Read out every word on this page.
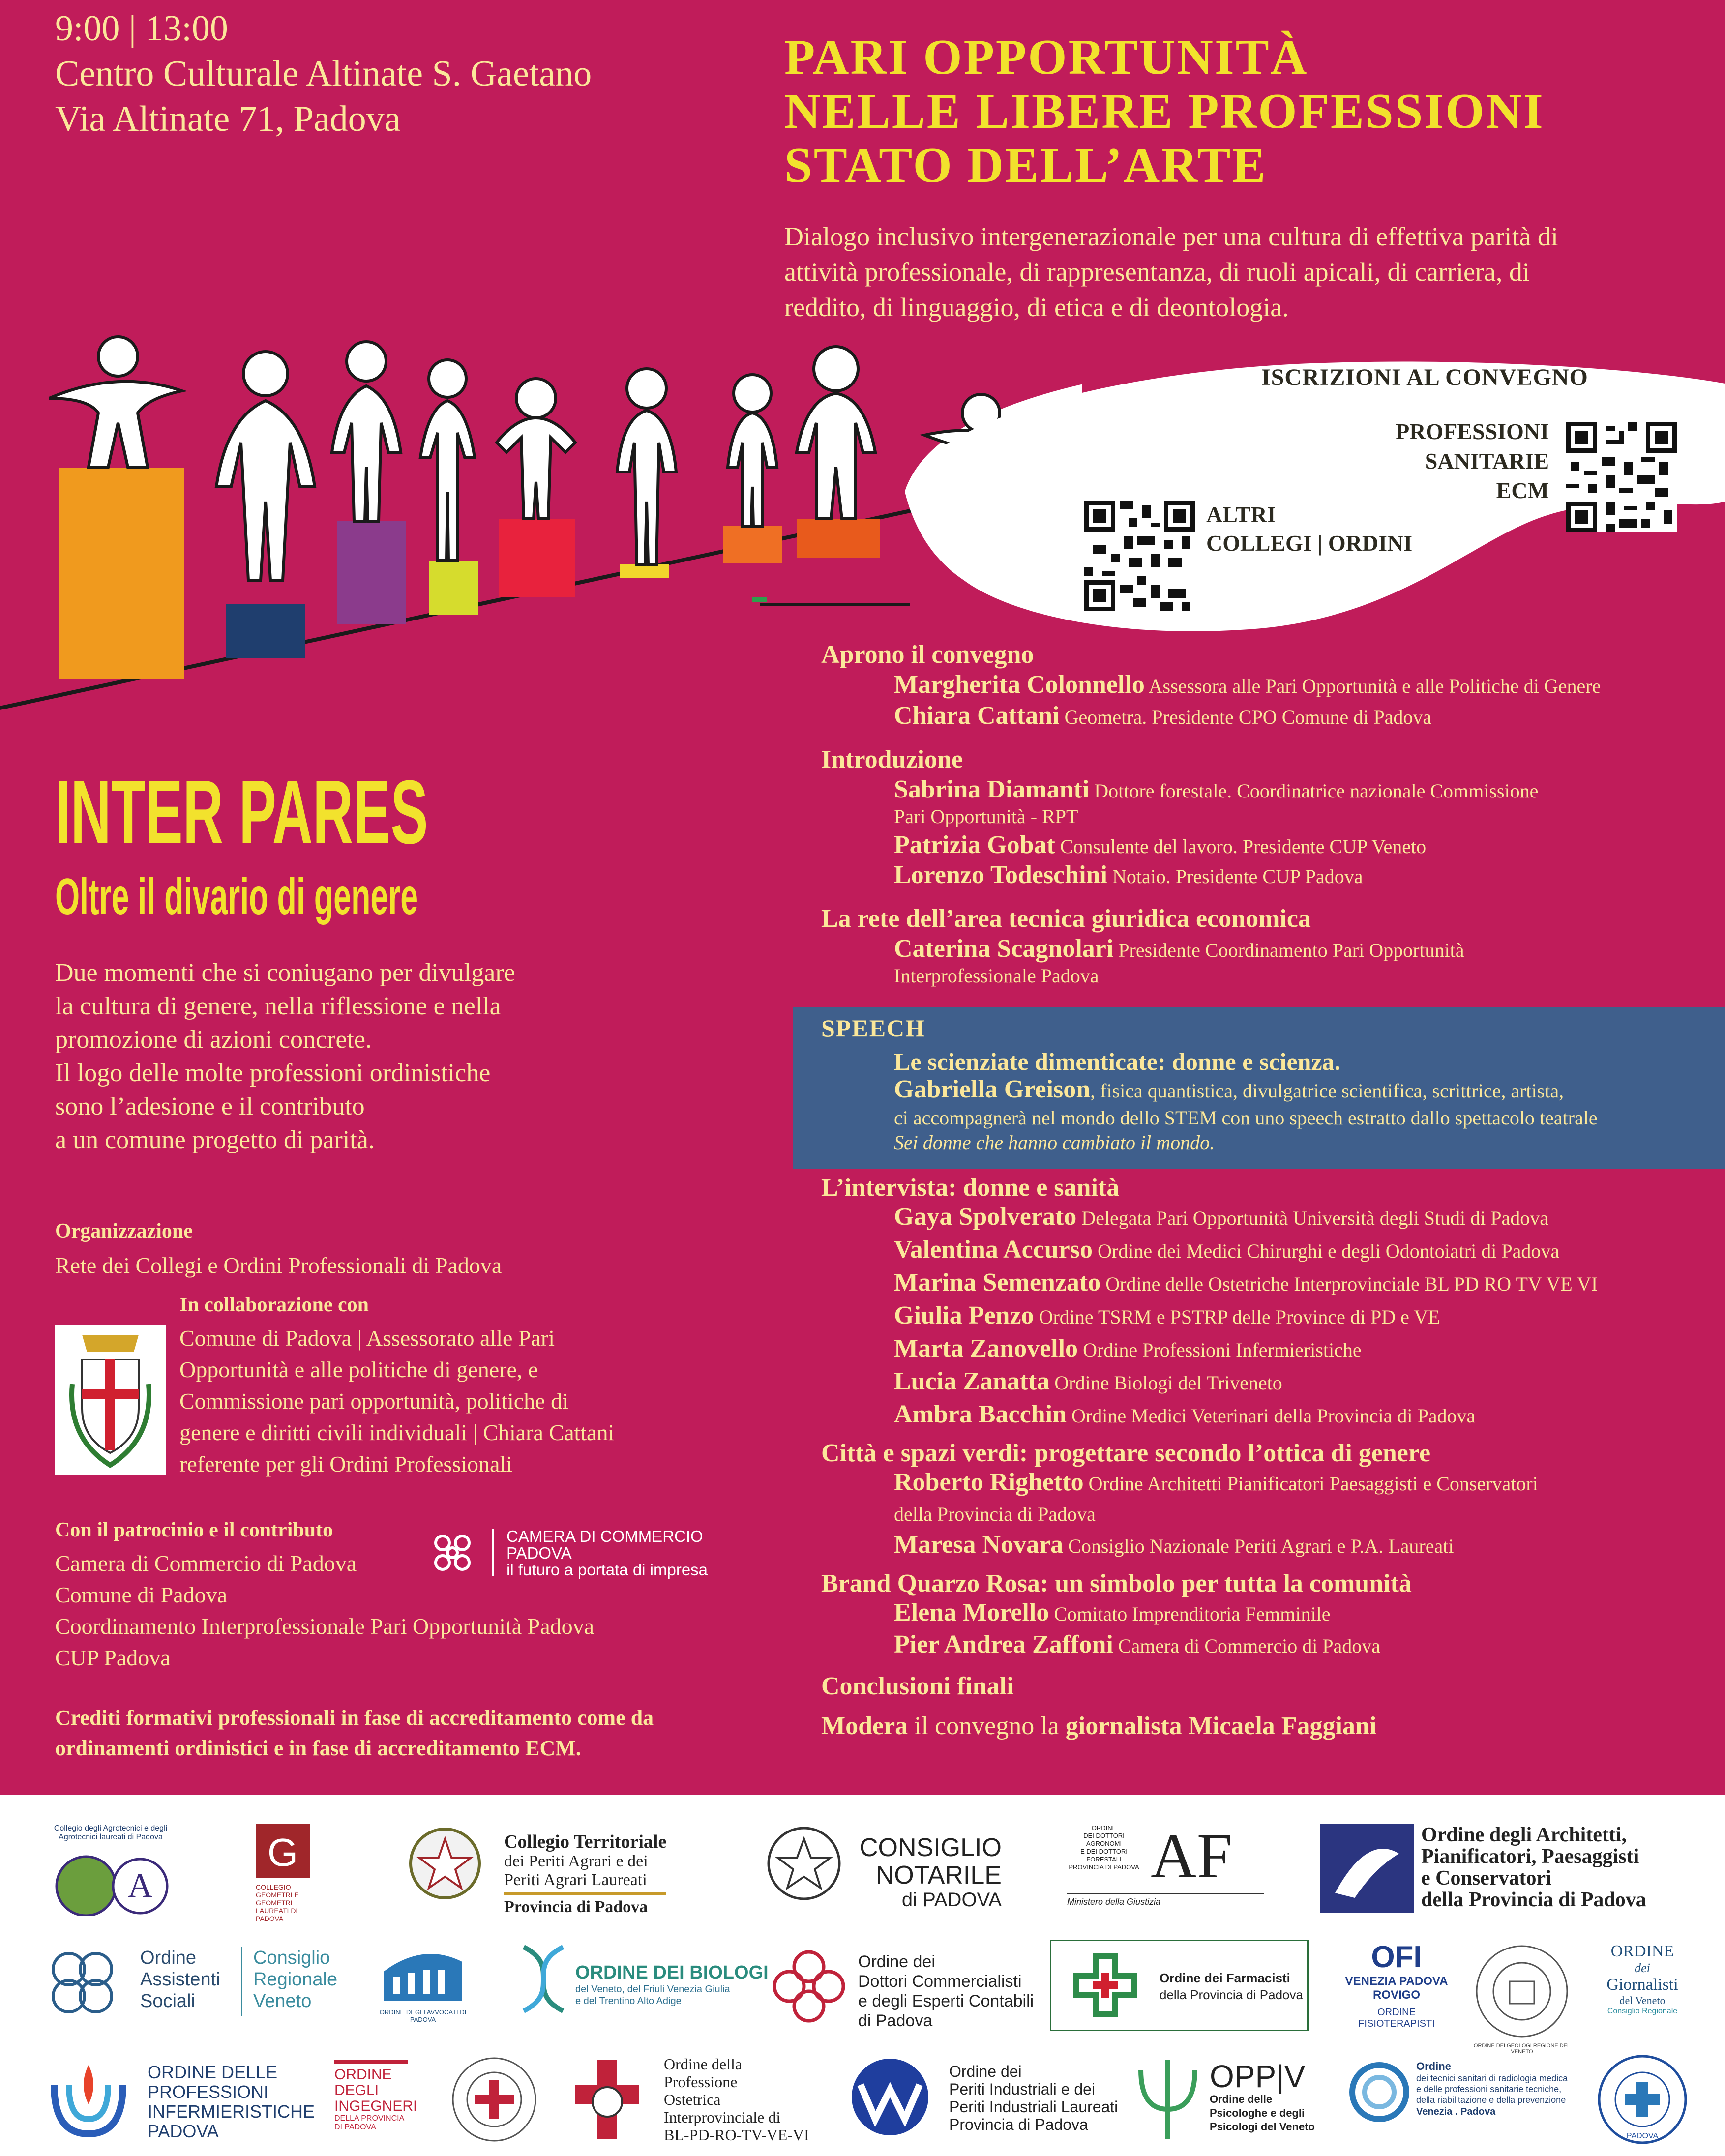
9:00 | 13:00
Centro Culturale Altinate S. Gaetano
Via Altinate 71, Padova
PARI OPPORTUNITÀ
NELLE LIBERE PROFESSIONI
STATO DELL’ARTE
Dialogo inclusivo intergenerazionale per una cultura di effettiva parità di
attività professionale, di rappresentanza, di ruoli apicali, di carriera, di
reddito, di linguaggio, di etica e di deontologia.
ISCRIZIONI AL CONVEGNO
PROFESSIONI
SANITARIE
ECM
ALTRI
COLLEGI | ORDINI
INTER PARES
Oltre il divario di genere
Due momenti che si coniugano per divulgare
la cultura di genere, nella riflessione e nella
promozione di azioni concrete.
Il logo delle molte professioni ordinistiche
sono l’adesione e il contributo
a un comune progetto di parità.
Organizzazione
Rete dei Collegi e Ordini Professionali di Padova
In collaborazione con
Comune di Padova | Assessorato alle Pari
Opportunità e alle politiche di genere, e
Commissione pari opportunità, politiche di
genere e diritti civili individuali | Chiara Cattani
referente per gli Ordini Professionali
Con il patrocinio e il contributo
Camera di Commercio di Padova
Comune di Padova
Coordinamento Interprofessionale Pari Opportunità Padova
CUP Padova
CAMERA DI COMMERCIO
PADOVA
il futuro a portata di impresa
Crediti formativi professionali in fase di accreditamento come da
ordinamenti ordinistici e in fase di accreditamento ECM.
Aprono il convegno
Margherita Colonnello Assessora alle Pari Opportunità e alle Politiche di Genere
Chiara Cattani Geometra. Presidente CPO Comune di Padova
Introduzione
Sabrina Diamanti Dottore forestale. Coordinatrice nazionale Commissione
Pari Opportunità - RPT
Patrizia Gobat Consulente del lavoro. Presidente CUP Veneto
Lorenzo Todeschini Notaio. Presidente CUP Padova
La rete dell’area tecnica giuridica economica
Caterina Scagnolari Presidente Coordinamento Pari Opportunità
Interprofessionale Padova
SPEECH
Le scienziate dimenticate: donne e scienza.
Gabriella Greison, fisica quantistica, divulgatrice scientifica, scrittrice, artista,
ci accompagnerà nel mondo dello STEM con uno speech estratto dallo spettacolo teatrale
Sei donne che hanno cambiato il mondo.
L’intervista: donne e sanità
Gaya Spolverato Delegata Pari Opportunità Università degli Studi di Padova
Valentina Accurso Ordine dei Medici Chirurghi e degli Odontoiatri di Padova
Marina Semenzato Ordine delle Ostetriche Interprovinciale BL PD RO TV VE VI
Giulia Penzo Ordine TSRM e PSTRP delle Province di PD e VE
Marta Zanovello Ordine Professioni Infermieristiche
Lucia Zanatta Ordine Biologi del Triveneto
Ambra Bacchin Ordine Medici Veterinari della Provincia di Padova
Città e spazi verdi: progettare secondo l’ottica di genere
Roberto Righetto Ordine Architetti Pianificatori Paesaggisti e Conservatori
della Provincia di Padova
Maresa Novara Consiglio Nazionale Periti Agrari e P.A. Laureati
Brand Quarzo Rosa: un simbolo per tutta la comunità
Elena Morello Comitato Imprenditoria Femminile
Pier Andrea Zaffoni Camera di Commercio di Padova
Conclusioni finali
Modera il convegno la giornalista Micaela Faggiani
Collegio degli Agrotecnici e degli Agrotecnici laureati di Padova
A
G
COLLEGIO GEOMETRI E GEOMETRI LAUREATI DI PADOVA
Collegio Territoriale
dei Periti Agrari e dei
Periti Agrari Laureati
Provincia di Padova
CONSIGLIO
NOTARILE
di PADOVA
ORDINE
DEI DOTTORI AGRONOMI
E DEI DOTTORI FORESTALI
PROVINCIA DI PADOVA AF
Ministero della Giustizia
Ordine degli Architetti,
Pianificatori, Paesaggisti
e Conservatori
della Provincia di Padova
Ordine
Assistenti
Sociali
Consiglio
Regionale
Veneto
ORDINE DEGLI AVVOCATI DI PADOVA
ORDINE DEI BIOLOGI
del Veneto, del Friuli Venezia Giulia
e del Trentino Alto Adige
Ordine dei
Dottori Commercialisti
e degli Esperti Contabili
di Padova
Ordine dei Farmacisti
della Provincia di Padova
OFI
VENEZIA PADOVA
ROVIGO
ORDINE
FISIOTERAPISTI
ORDINE DEI GEOLOGI REGIONE DEL VENETO
ORDINE
dei
Giornalisti
del Veneto
Consiglio Regionale
ORDINE DELLE
PROFESSIONI
INFERMIERISTICHE
PADOVA
ORDINE
DEGLI
INGEGNERI
DELLA PROVINCIA
DI PADOVA
Ordine della
Professione
Ostetrica
Interprovinciale di
BL-PD-RO-TV-VE-VI
Ordine dei
Periti Industriali e dei
Periti Industriali Laureati
Provincia di Padova
OPP|V
Ordine delle
Psicologhe e degli
Psicologi del Veneto
Ordine
dei tecnici sanitari di radiologia medica
e delle professioni sanitarie tecniche,
della riabilitazione e della prevenzione
Venezia . Padova
PADOVA
